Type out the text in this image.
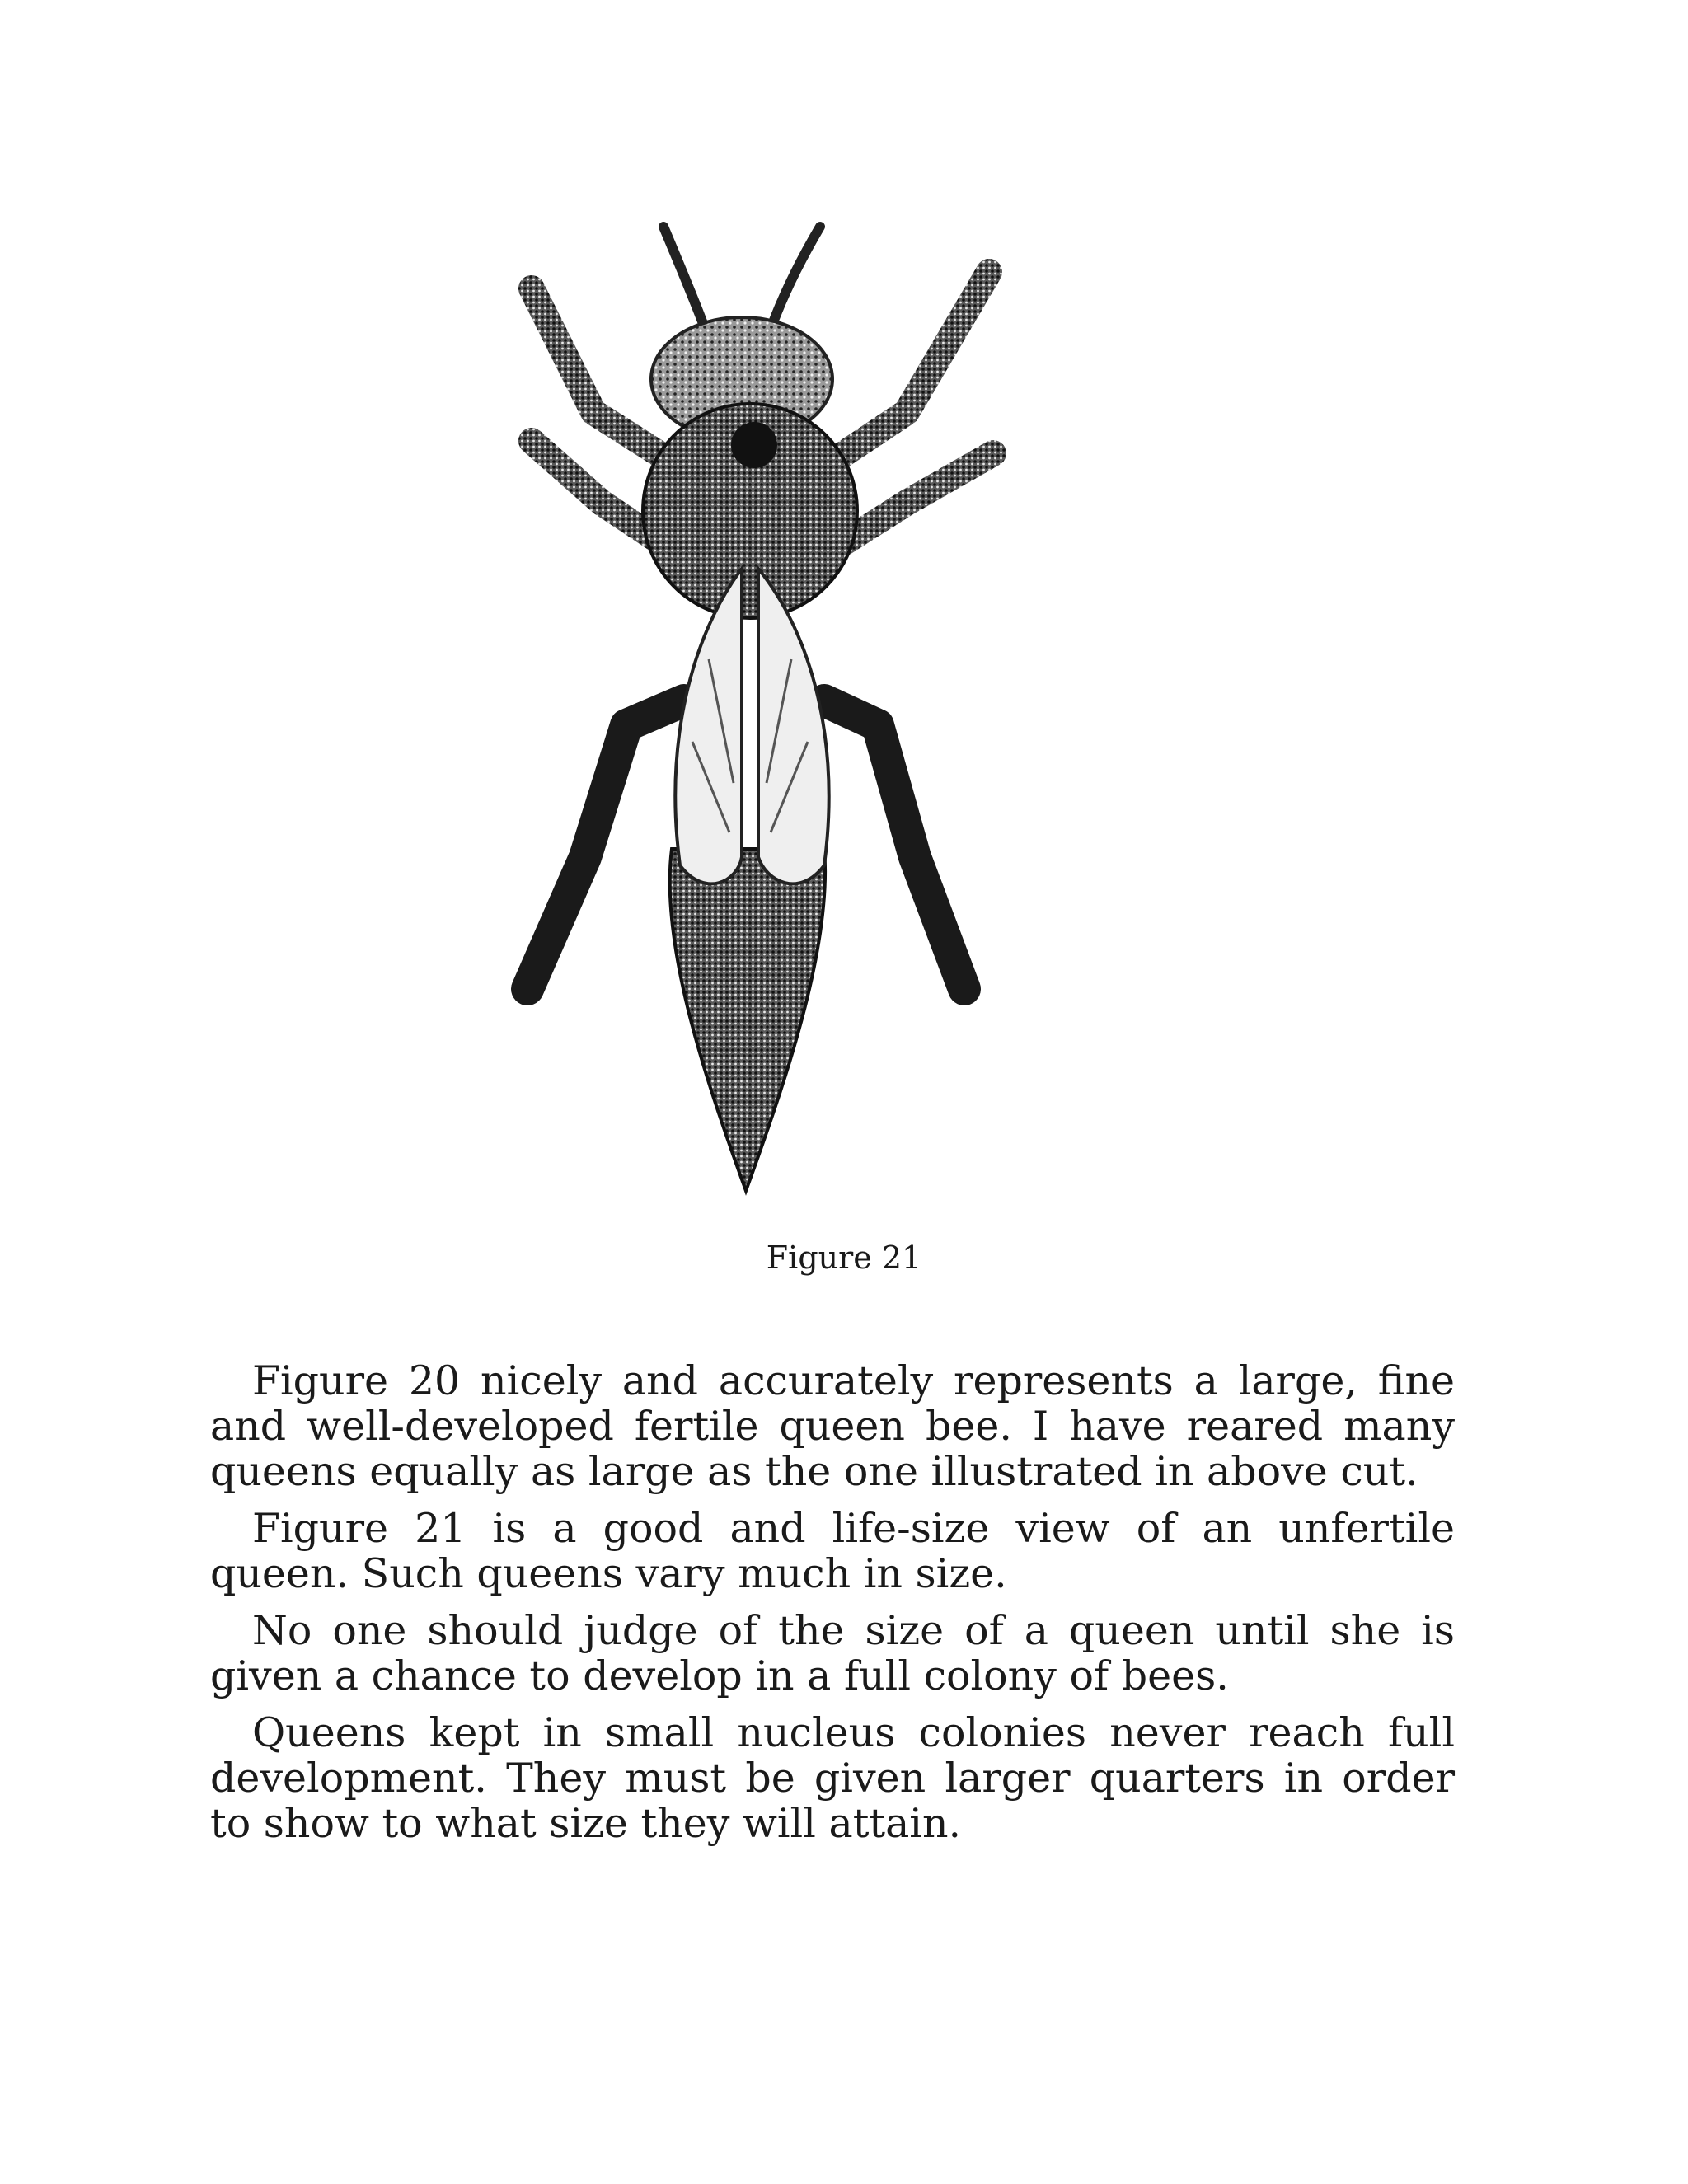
Figure 21

Figure 20 nicely and accurately represents a large, fine and well-developed fertile queen bee. I have reared many queens equally as large as the one illustrated in above cut.

Figure 21 is a good and life-size view of an unfertile queen. Such queens vary much in size.

No one should judge of the size of a queen until she is given a chance to develop in a full colony of bees.

Queens kept in small nucleus colonies never reach full development. They must be given larger quarters in order to show to what size they will attain.
